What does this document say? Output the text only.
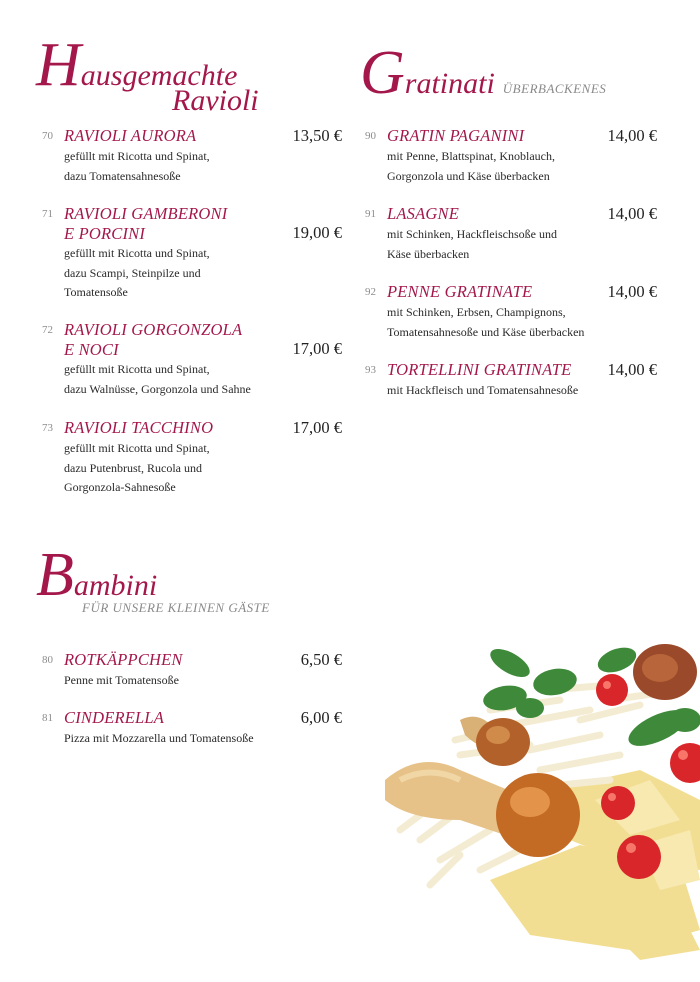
Hausgemachte
Ravioli
70 RAVIOLI AURORA	13,50 €
gefüllt mit Ricotta und Spinat,
dazu Tomatensahnesoße
71 RAVIOLI GAMBERONI
E PORCINI	19,00 €
gefüllt mit Ricotta und Spinat,
dazu Scampi, Steinpilze und
Tomatensoße
72 RAVIOLI GORGONZOLA
E NOCI	17,00 €
gefüllt mit Ricotta und Spinat,
dazu Walnüsse, Gorgonzola und Sahne
73 RAVIOLI TACCHINO	17,00 €
gefüllt mit Ricotta und Spinat,
dazu Putenbrust, Rucola und
Gorgonzola-Sahnesoße
Gratinati ÜBERBACKENES
90 GRATIN PAGANINI	14,00 €
mit Penne, Blattspinat, Knoblauch,
Gorgonzola und Käse überbacken
91 LASAGNE	14,00 €
mit Schinken, Hackfleischsoße und
Käse überbacken
92 PENNE GRATINATE	14,00 €
mit Schinken, Erbsen, Champignons,
Tomatensahnesoße und Käse überbacken
93 TORTELLINI GRATINATE 14,00 €
mit Hackfleisch und Tomatensahnesoße
Bambini
FÜR UNSERE KLEINEN GÄSTE
80 ROTKÄPPCHEN	6,50 €
Penne mit Tomatensoße
81 CINDERELLA	6,00 €
Pizza mit Mozzarella und Tomatensoße
